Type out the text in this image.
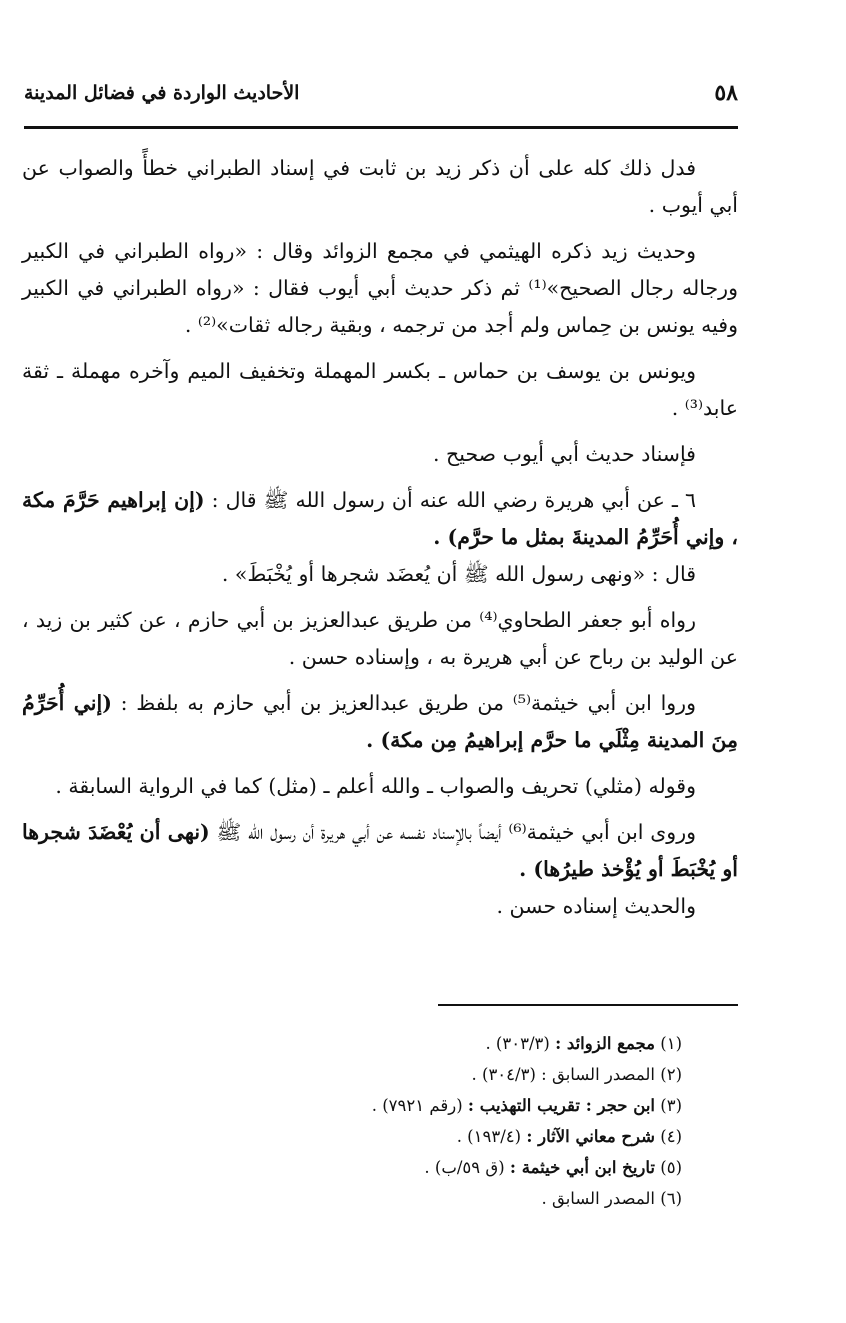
٥٨
الأحاديث الواردة في فضائل المدينة

فدل ذلك كله على أن ذكر زيد بن ثابت في إسناد الطبراني خطأً والصواب عن أبي أيوب .

وحديث زيد ذكره الهيثمي في مجمع الزوائد وقال : «رواه الطبراني في الكبير ورجاله رجال الصحيح»⁽¹⁾ ثم ذكر حديث أبي أيوب فقال : «رواه الطبراني في الكبير وفيه يونس بن حِماس ولم أجد من ترجمه ، وبقية رجاله ثقات»⁽²⁾ .

ويونس بن يوسف بن حماس ـ بكسر المهملة وتخفيف الميم وآخره مهملة ـ ثقة عابد⁽³⁾ .

فإسناد حديث أبي أيوب صحيح .

٦ ـ عن أبي هريرة رضي الله عنه أن رسول الله ﷺ قال : (إن إبراهيم حَرَّمَ مكة ، وإني أُحَرِّمُ المدينةَ بمثل ما حرَّم) .

قال : «ونهى رسول الله ﷺ أن يُعضَد شجرها أو يُخْبَطَ» .

رواه أبو جعفر الطحاوي⁽⁴⁾ من طريق عبدالعزيز بن أبي حازم ، عن كثير بن زيد ، عن الوليد بن رباح عن أبي هريرة به ، وإسناده حسن .

وروا ابن أبي خيثمة⁽⁵⁾ من طريق عبدالعزيز بن أبي حازم به بلفظ : (إني أُحَرِّمُ مِنَ المدينة مِثْلَي ما حرَّم إبراهيمُ مِن مكة) .

وقوله (مثلي) تحريف والصواب ـ والله أعلم ـ (مثل) كما في الرواية السابقة .

وروى ابن أبي خيثمة⁽⁶⁾ أيضاً بالإسناد نفسه عن أبي هريرة أن رسول الله ﷺ (نهى أن يُعْضَدَ شجرها أو يُخْبَطَ أو يُؤْخذ طيرُها) .

والحديث إسناده حسن .

(١) مجمع الزوائد : (٣٠٣/٣) .
(٢) المصدر السابق : (٣٠٤/٣) .
(٣) ابن حجر : تقريب التهذيب : (رقم ٧٩٢١) .
(٤) شرح معاني الآثار : (١٩٣/٤) .
(٥) تاريخ ابن أبي خيثمة : (ق ٥٩/ب) .
(٦) المصدر السابق .
